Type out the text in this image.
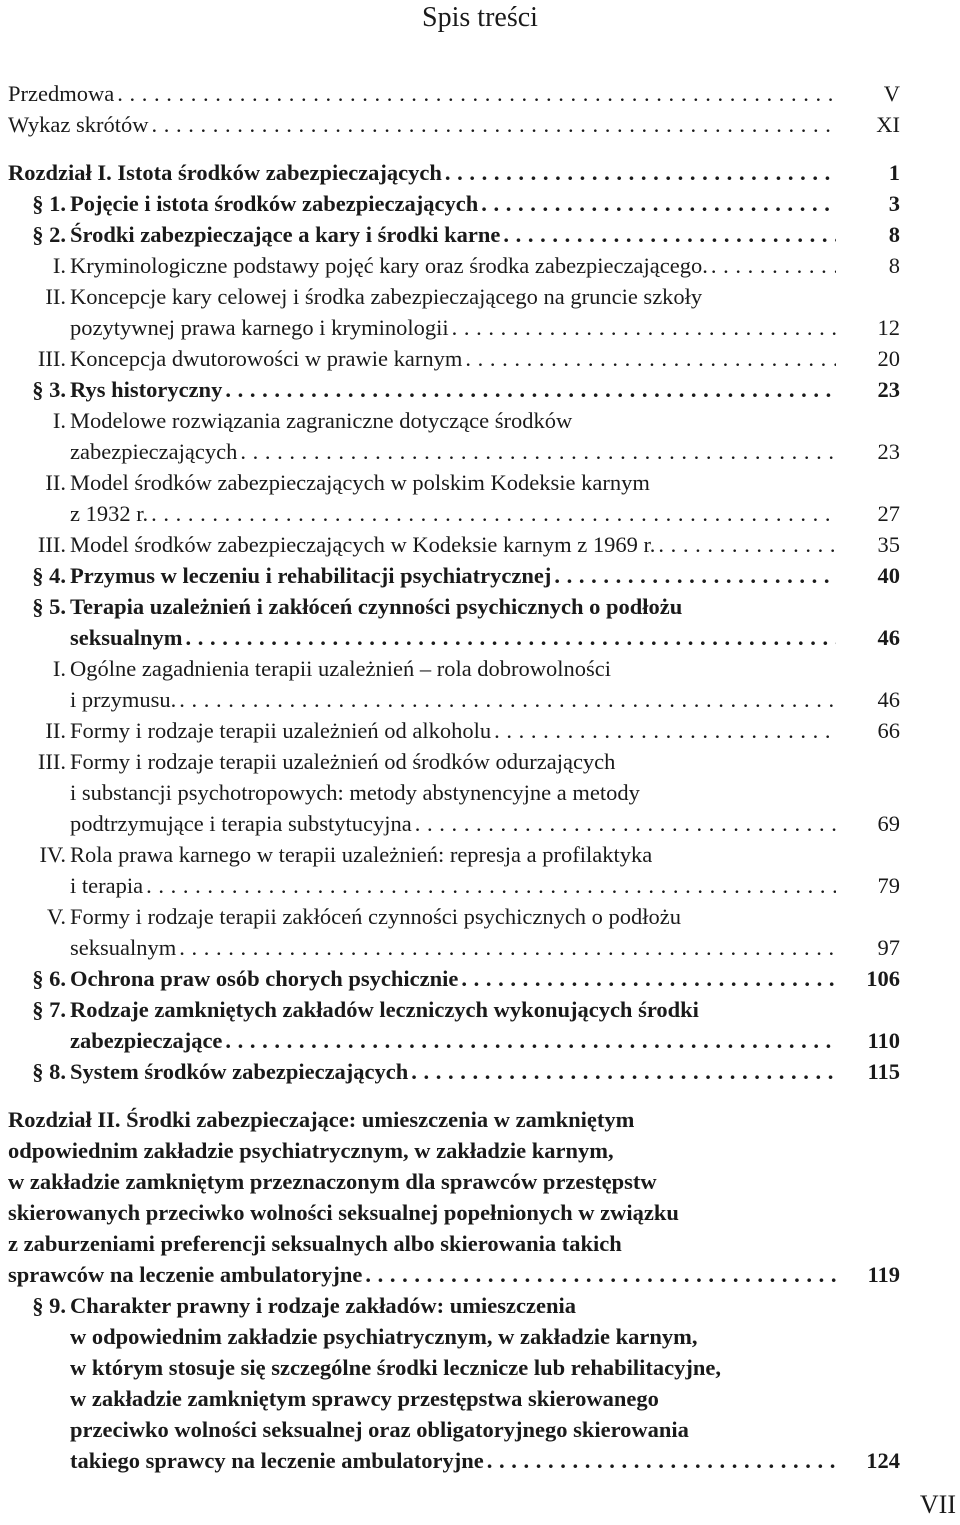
Spis treści
Przedmowa . . .	V
Wykaz skrótów . . .	XI
Rozdział I. Istota środków zabezpieczających . . .	1
§ 1. Pojęcie i istota środków zabezpieczających . . .	3
§ 2. Środki zabezpieczające a kary i środki karne . . .	8
I. Kryminologiczne podstawy pojęć kary oraz środka zabezpieczającego. . . .	8
II. Koncepcje kary celowej i środka zabezpieczającego na gruncie szkoły
pozytywnej prawa karnego i kryminologii . . .	12
III. Koncepcja dwutorowości w prawie karnym . . .	20
§ 3. Rys historyczny . . .	23
I. Modelowe rozwiązania zagraniczne dotyczące środków
zabezpieczających . . .	23
II. Model środków zabezpieczających w polskim Kodeksie karnym
z 1932 r. . . .	27
III. Model środków zabezpieczających w Kodeksie karnym z 1969 r. . . .	35
§ 4. Przymus w leczeniu i rehabilitacji psychiatrycznej . . .	40
§ 5. Terapia uzależnień i zakłóceń czynności psychicznych o podłożu
seksualnym . . .	46
I. Ogólne zagadnienia terapii uzależnień – rola dobrowolności
i przymusu. . . .	46
II. Formy i rodzaje terapii uzależnień od alkoholu . . .	66
III. Formy i rodzaje terapii uzależnień od środków odurzających
i substancji psychotropowych: metody abstynencyjne a metody
podtrzymujące i terapia substytucyjna . . .	69
IV. Rola prawa karnego w terapii uzależnień: represja a profilaktyka
i terapia . . .	79
V. Formy i rodzaje terapii zakłóceń czynności psychicznych o podłożu
seksualnym . . .	97
§ 6. Ochrona praw osób chorych psychicznie . . .	106
§ 7. Rodzaje zamkniętych zakładów leczniczych wykonujących środki
zabezpieczające . . .	110
§ 8. System środków zabezpieczających . . .	115
Rozdział II. Środki zabezpieczające: umieszczenia w zamkniętym
odpowiednim zakładzie psychiatrycznym, w zakładzie karnym,
w zakładzie zamkniętym przeznaczonym dla sprawców przestępstw
skierowanych przeciwko wolności seksualnej popełnionych w związku
z zaburzeniami preferencji seksualnych albo skierowania takich
sprawców na leczenie ambulatoryjne . . .	119
§ 9. Charakter prawny i rodzaje zakładów: umieszczenia
w odpowiednim zakładzie psychiatrycznym, w zakładzie karnym,
w którym stosuje się szczególne środki lecznicze lub rehabilitacyjne,
w zakładzie zamkniętym sprawcy przestępstwa skierowanego
przeciwko wolności seksualnej oraz obligatoryjnego skierowania
takiego sprawcy na leczenie ambulatoryjne . . .	124
VII
